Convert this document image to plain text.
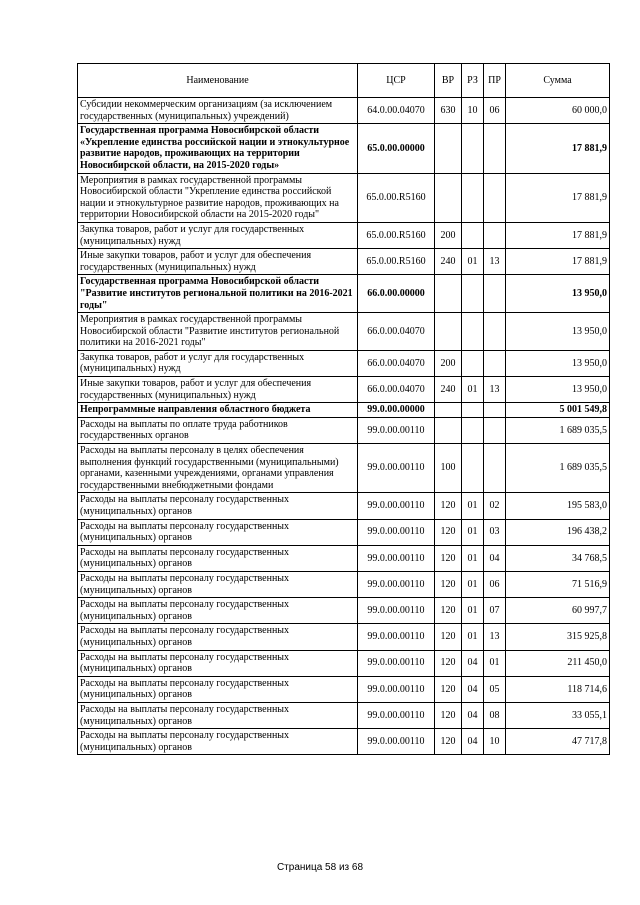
Наименование	ЦСР	ВР	РЗ	ПР	Сумма
Субсидии некоммерческим организациям (за исключением государственных (муниципальных) учреждений)	64.0.00.04070	630	10	06	60 000,0
Государственная программа Новосибирской области «Укрепление единства российской нации и этнокультурное развитие народов, проживающих на территории Новосибирской области, на 2015-2020 годы»	65.0.00.00000				17 881,9
Мероприятия в рамках государственной программы Новосибирской области "Укрепление единства российской нации и этнокультурное развитие народов, проживающих на территории Новосибирской области на 2015-2020 годы"	65.0.00.R5160				17 881,9
Закупка товаров, работ и услуг для государственных (муниципальных) нужд	65.0.00.R5160	200			17 881,9
Иные закупки товаров, работ и услуг для обеспечения государственных (муниципальных) нужд	65.0.00.R5160	240	01	13	17 881,9
Государственная программа Новосибирской области "Развитие институтов региональной политики на 2016-2021 годы"	66.0.00.00000				13 950,0
Мероприятия в рамках государственной программы Новосибирской области "Развитие институтов региональной политики на 2016-2021 годы"	66.0.00.04070				13 950,0
Закупка товаров, работ и услуг для государственных (муниципальных) нужд	66.0.00.04070	200			13 950,0
Иные закупки товаров, работ и услуг для обеспечения государственных (муниципальных) нужд	66.0.00.04070	240	01	13	13 950,0
Непрограммные направления областного бюджета	99.0.00.00000				5 001 549,8
Расходы на выплаты по оплате труда работников государственных органов	99.0.00.00110				1 689 035,5
Расходы на выплаты персоналу в целях обеспечения выполнения функций государственными (муниципальными) органами, казенными учреждениями, органами управления государственными внебюджетными фондами	99.0.00.00110	100			1 689 035,5
Расходы на выплаты персоналу государственных (муниципальных) органов	99.0.00.00110	120	01	02	195 583,0
Расходы на выплаты персоналу государственных (муниципальных) органов	99.0.00.00110	120	01	03	196 438,2
Расходы на выплаты персоналу государственных (муниципальных) органов	99.0.00.00110	120	01	04	34 768,5
Расходы на выплаты персоналу государственных (муниципальных) органов	99.0.00.00110	120	01	06	71 516,9
Расходы на выплаты персоналу государственных (муниципальных) органов	99.0.00.00110	120	01	07	60 997,7
Расходы на выплаты персоналу государственных (муниципальных) органов	99.0.00.00110	120	01	13	315 925,8
Расходы на выплаты персоналу государственных (муниципальных) органов	99.0.00.00110	120	04	01	211 450,0
Расходы на выплаты персоналу государственных (муниципальных) органов	99.0.00.00110	120	04	05	118 714,6
Расходы на выплаты персоналу государственных (муниципальных) органов	99.0.00.00110	120	04	08	33 055,1
Расходы на выплаты персоналу государственных (муниципальных) органов	99.0.00.00110	120	04	10	47 717,8
Страница 58 из 68
